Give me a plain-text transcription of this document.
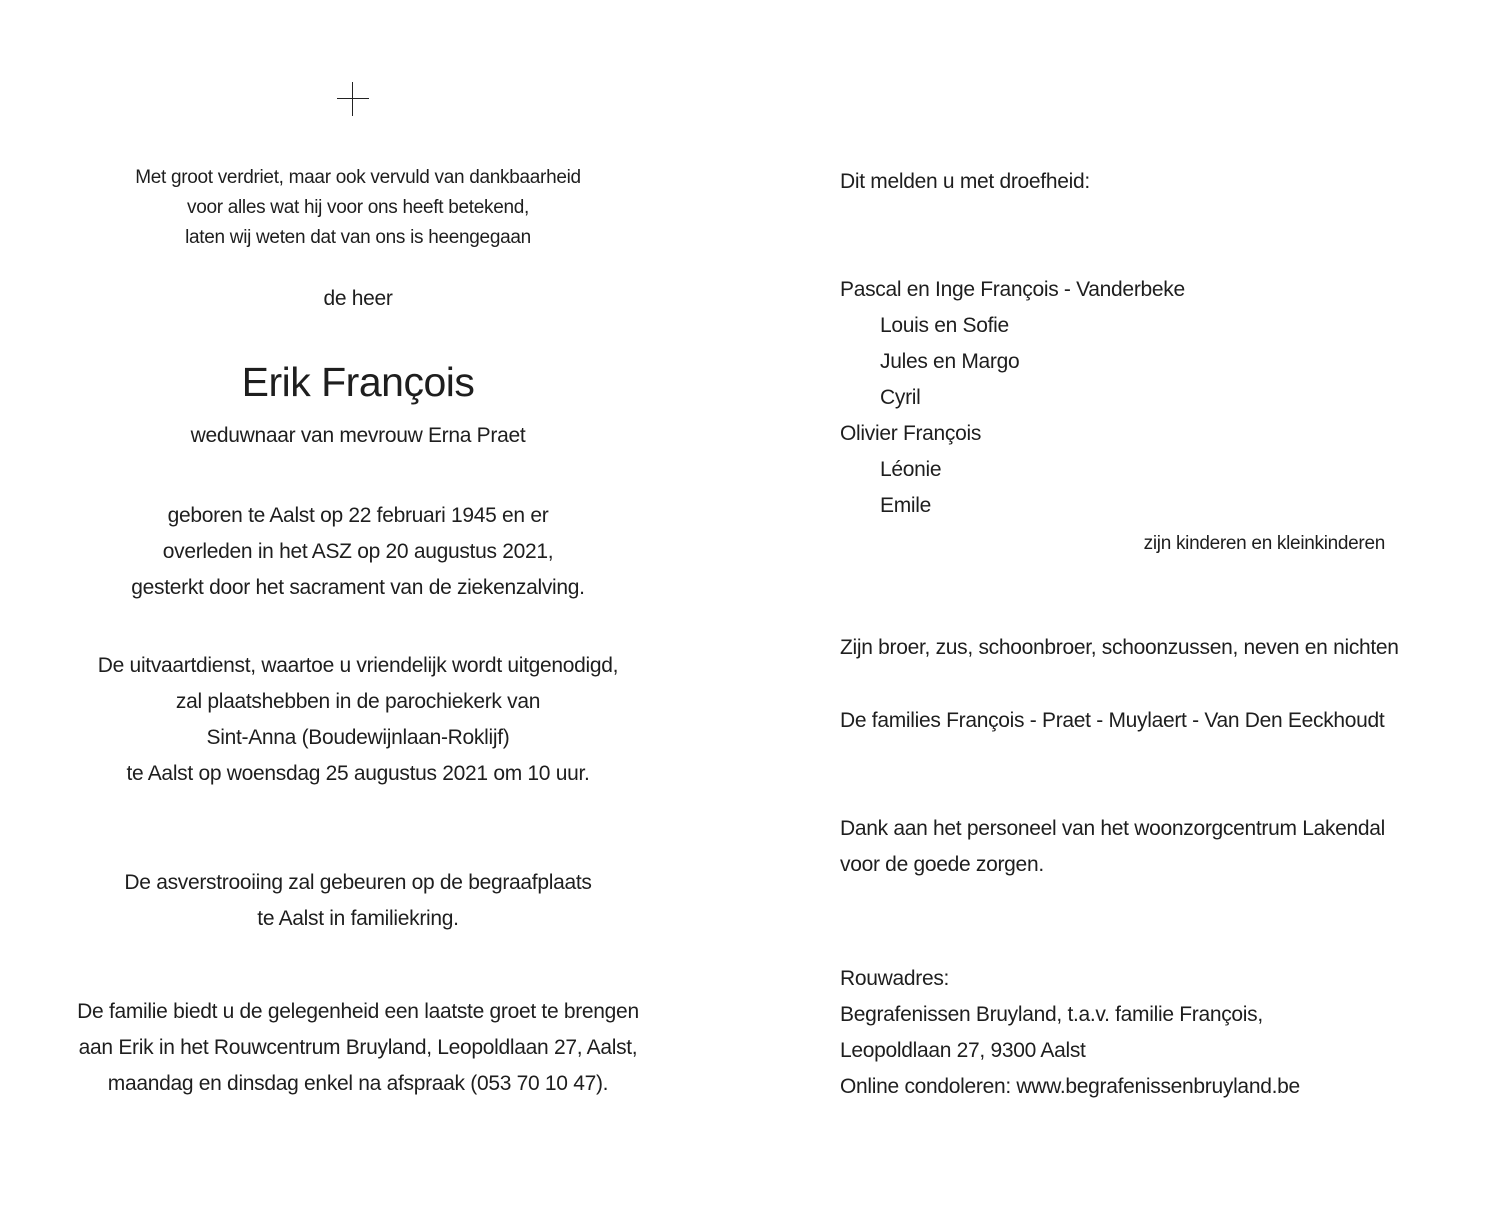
Met groot verdriet, maar ook vervuld van dankbaarheid
voor alles wat hij voor ons heeft betekend,
laten wij weten dat van ons is heengegaan
de heer
Erik François
weduwnaar van mevrouw Erna Praet
geboren te Aalst op 22 februari 1945 en er
overleden in het ASZ op 20 augustus 2021,
gesterkt door het sacrament van de ziekenzalving.
De uitvaartdienst, waartoe u vriendelijk wordt uitgenodigd,
zal plaatshebben in de parochiekerk van
Sint-Anna (Boudewijnlaan-Roklijf)
te Aalst op woensdag 25 augustus 2021 om 10 uur.
De asverstrooiing zal gebeuren op de begraafplaats
te Aalst in familiekring.
De familie biedt u de gelegenheid een laatste groet te brengen
aan Erik in het Rouwcentrum Bruyland, Leopoldlaan 27, Aalst,
maandag en dinsdag enkel na afspraak (053 70 10 47).
Dit melden u met droefheid:
Pascal en Inge François - Vanderbeke
Louis en Sofie
Jules en Margo
Cyril
Olivier François
Léonie
Emile
zijn kinderen en kleinkinderen
Zijn broer, zus, schoonbroer, schoonzussen, neven en nichten
De families François - Praet - Muylaert - Van Den Eeckhoudt
Dank aan het personeel van het woonzorgcentrum Lakendal
voor de goede zorgen.
Rouwadres:
Begrafenissen Bruyland, t.a.v. familie François,
Leopoldlaan 27, 9300 Aalst
Online condoleren: www.begrafenissenbruyland.be
